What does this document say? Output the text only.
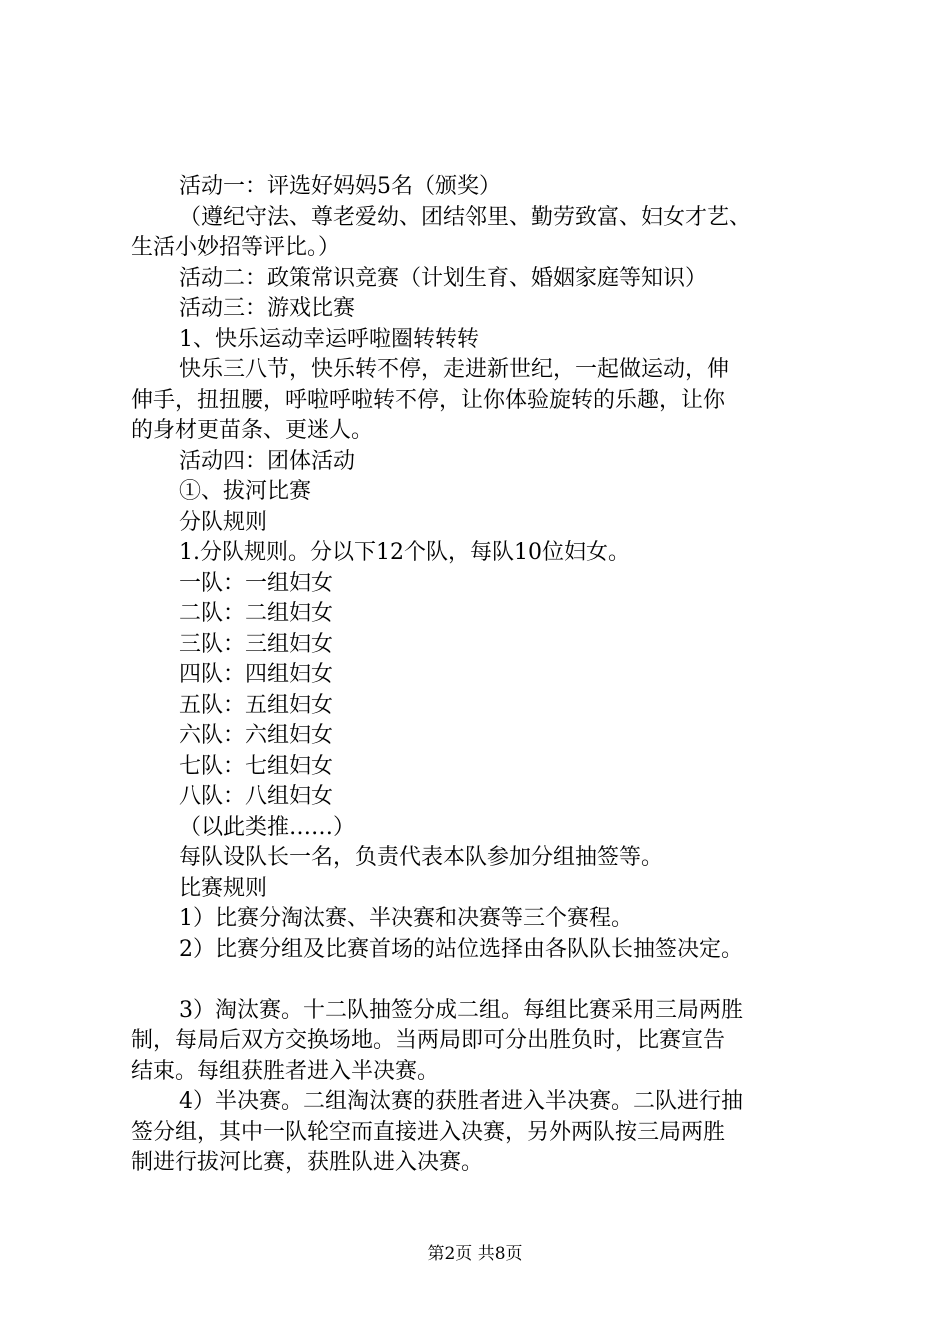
活动一：评选好妈妈5名（颁奖）
（遵纪守法、尊老爱幼、团结邻里、勤劳致富、妇女才艺、
生活小妙招等评比。）
活动二：政策常识竞赛（计划生育、婚姻家庭等知识）
活动三：游戏比赛
1、快乐运动幸运呼啦圈转转转
快乐三八节，快乐转不停，走进新世纪，一起做运动，伸
伸手，扭扭腰，呼啦呼啦转不停，让你体验旋转的乐趣，让你
的身材更苗条、更迷人。
活动四：团体活动
①、拔河比赛
分队规则
1.分队规则。分以下12个队，每队10位妇女。
一队：一组妇女
二队：二组妇女
三队：三组妇女
四队：四组妇女
五队：五组妇女
六队：六组妇女
七队：七组妇女
八队：八组妇女
（以此类推……）
每队设队长一名，负责代表本队参加分组抽签等。
比赛规则
1）比赛分淘汰赛、半决赛和决赛等三个赛程。
2）比赛分组及比赛首场的站位选择由各队队长抽签决定。
3）淘汰赛。十二队抽签分成二组。每组比赛采用三局两胜
制，每局后双方交换场地。当两局即可分出胜负时，比赛宣告
结束。每组获胜者进入半决赛。
4）半决赛。二组淘汰赛的获胜者进入半决赛。二队进行抽
签分组，其中一队轮空而直接进入决赛，另外两队按三局两胜
制进行拔河比赛，获胜队进入决赛。
第2页 共8页
